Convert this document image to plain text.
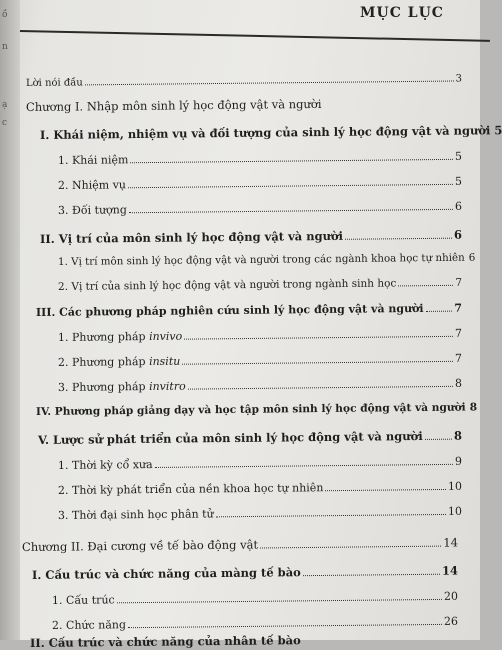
ồ
n
ạ
c
MỤC LỤC
Lời nói đầu	3
Chương I. Nhập môn sinh lý học động vật và người
I. Khái niệm, nhiệm vụ và đối tượng của sinh lý học động vật và người 5
1. Khái niệm	5
2. Nhiệm vụ	5
3. Đối tượng	6
II. Vị trí của môn sinh lý học động vật và người	6
1. Vị trí môn sinh lý học động vật và người trong các ngành khoa học tự nhiên 6
2. Vị trí của sinh lý học động vật và người trong ngành sinh học	7
III. Các phương pháp nghiên cứu sinh lý học động vật và người	7
1. Phương pháp invivo	7
2. Phương pháp insitu	7
3. Phương pháp invitro	8
IV. Phương pháp giảng dạy và học tập môn sinh lý học động vật và người 8
V. Lược sử phát triển của môn sinh lý học động vật và người	8
1. Thời kỳ cổ xưa	9
2. Thời kỳ phát triển của nền khoa học tự nhiên	10
3. Thời đại sinh học phân tử	10
Chương II. Đại cương về tế bào động vật	14
I. Cấu trúc và chức năng của màng tế bào	14
1. Cấu trúc	20
2. Chức năng	26
II. Cấu trúc và chức năng của nhân tế bào
